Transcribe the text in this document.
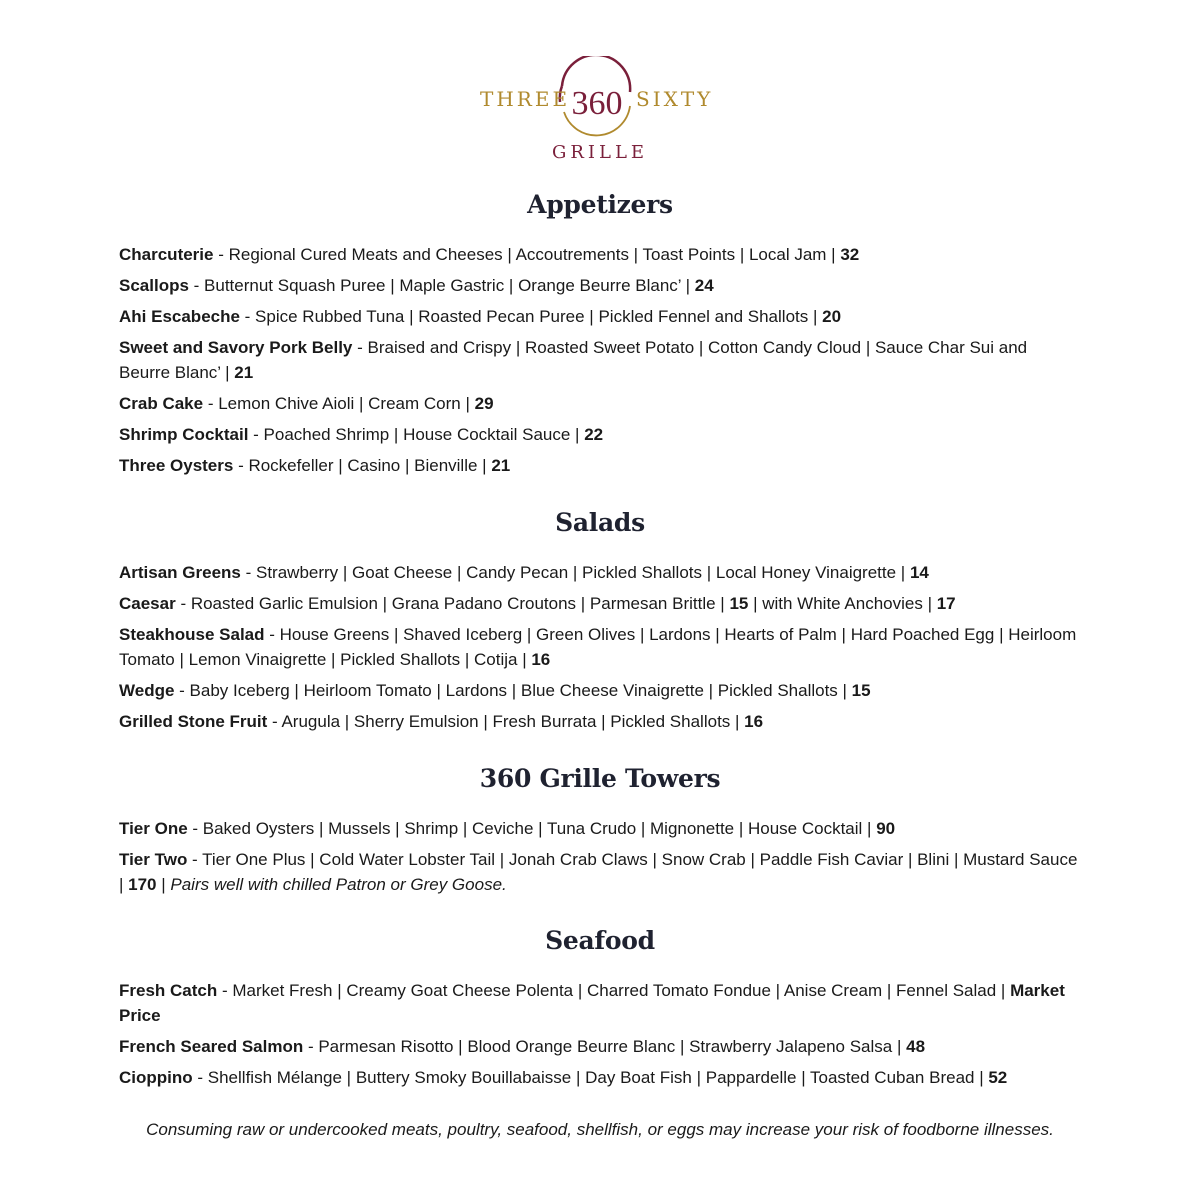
THREE 360 SIXTY
GRILLE
Appetizers
Charcuterie - Regional Cured Meats and Cheeses | Accoutrements | Toast Points | Local Jam | 32
Scallops - Butternut Squash Puree | Maple Gastric | Orange Beurre Blanc’ | 24
Ahi Escabeche - Spice Rubbed Tuna | Roasted Pecan Puree | Pickled Fennel and Shallots | 20
Sweet and Savory Pork Belly - Braised and Crispy | Roasted Sweet Potato | Cotton Candy Cloud | Sauce Char Sui and Beurre Blanc’ | 21
Crab Cake - Lemon Chive Aioli | Cream Corn | 29
Shrimp Cocktail - Poached Shrimp | House Cocktail Sauce | 22
Three Oysters - Rockefeller | Casino | Bienville | 21
Salads
Artisan Greens - Strawberry | Goat Cheese | Candy Pecan | Pickled Shallots | Local Honey Vinaigrette | 14
Caesar - Roasted Garlic Emulsion | Grana Padano Croutons | Parmesan Brittle | 15 | with White Anchovies | 17
Steakhouse Salad - House Greens | Shaved Iceberg | Green Olives | Lardons | Hearts of Palm | Hard Poached Egg | Heirloom Tomato | Lemon Vinaigrette | Pickled Shallots | Cotija | 16
Wedge - Baby Iceberg | Heirloom Tomato | Lardons | Blue Cheese Vinaigrette | Pickled Shallots | 15
Grilled Stone Fruit - Arugula | Sherry Emulsion | Fresh Burrata | Pickled Shallots | 16
360 Grille Towers
Tier One - Baked Oysters | Mussels | Shrimp | Ceviche | Tuna Crudo | Mignonette | House Cocktail | 90
Tier Two - Tier One Plus | Cold Water Lobster Tail | Jonah Crab Claws | Snow Crab | Paddle Fish Caviar | Blini | Mustard Sauce | 170 | Pairs well with chilled Patron or Grey Goose.
Seafood
Fresh Catch - Market Fresh | Creamy Goat Cheese Polenta | Charred Tomato Fondue | Anise Cream | Fennel Salad | Market Price
French Seared Salmon - Parmesan Risotto | Blood Orange Beurre Blanc | Strawberry Jalapeno Salsa | 48
Cioppino - Shellfish Mélange | Buttery Smoky Bouillabaisse | Day Boat Fish | Pappardelle | Toasted Cuban Bread | 52
Consuming raw or undercooked meats, poultry, seafood, shellfish, or eggs may increase your risk of foodborne illnesses.
